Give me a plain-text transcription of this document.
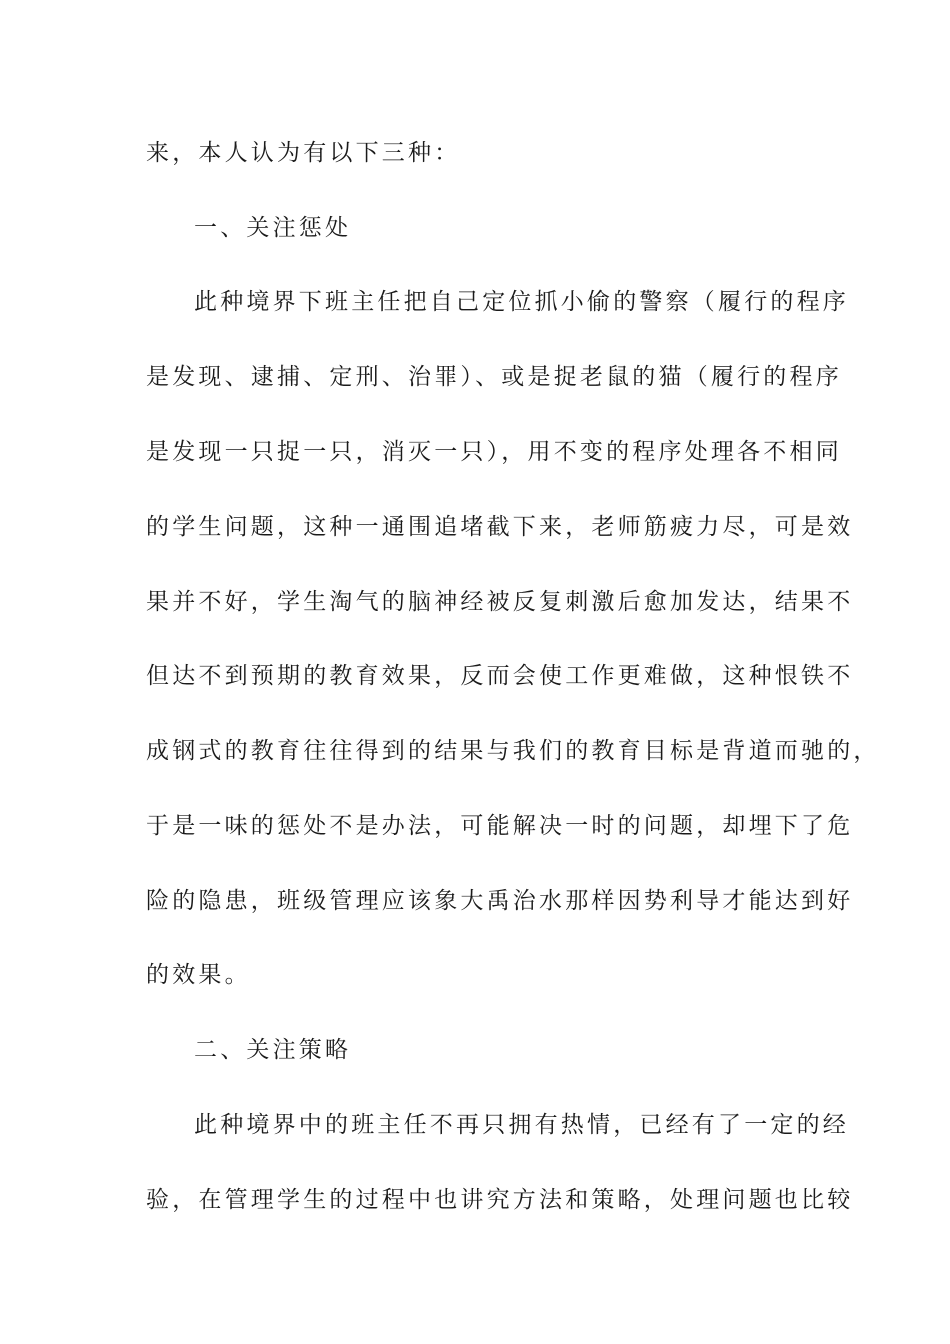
来，本人认为有以下三种：
一、关注惩处
此种境界下班主任把自己定位抓小偷的警察（履行的程序
是发现、逮捕、定刑、治罪）、或是捉老鼠的猫（履行的程序
是发现一只捉一只，消灭一只），用不变的程序处理各不相同
的学生问题，这种一通围追堵截下来，老师筋疲力尽，可是效
果并不好，学生淘气的脑神经被反复刺激后愈加发达，结果不
但达不到预期的教育效果，反而会使工作更难做，这种恨铁不
成钢式的教育往往得到的结果与我们的教育目标是背道而驰的，
于是一味的惩处不是办法，可能解决一时的问题，却埋下了危
险的隐患，班级管理应该象大禹治水那样因势利导才能达到好
的效果。
二、关注策略
此种境界中的班主任不再只拥有热情，已经有了一定的经
验，在管理学生的过程中也讲究方法和策略，处理问题也比较
